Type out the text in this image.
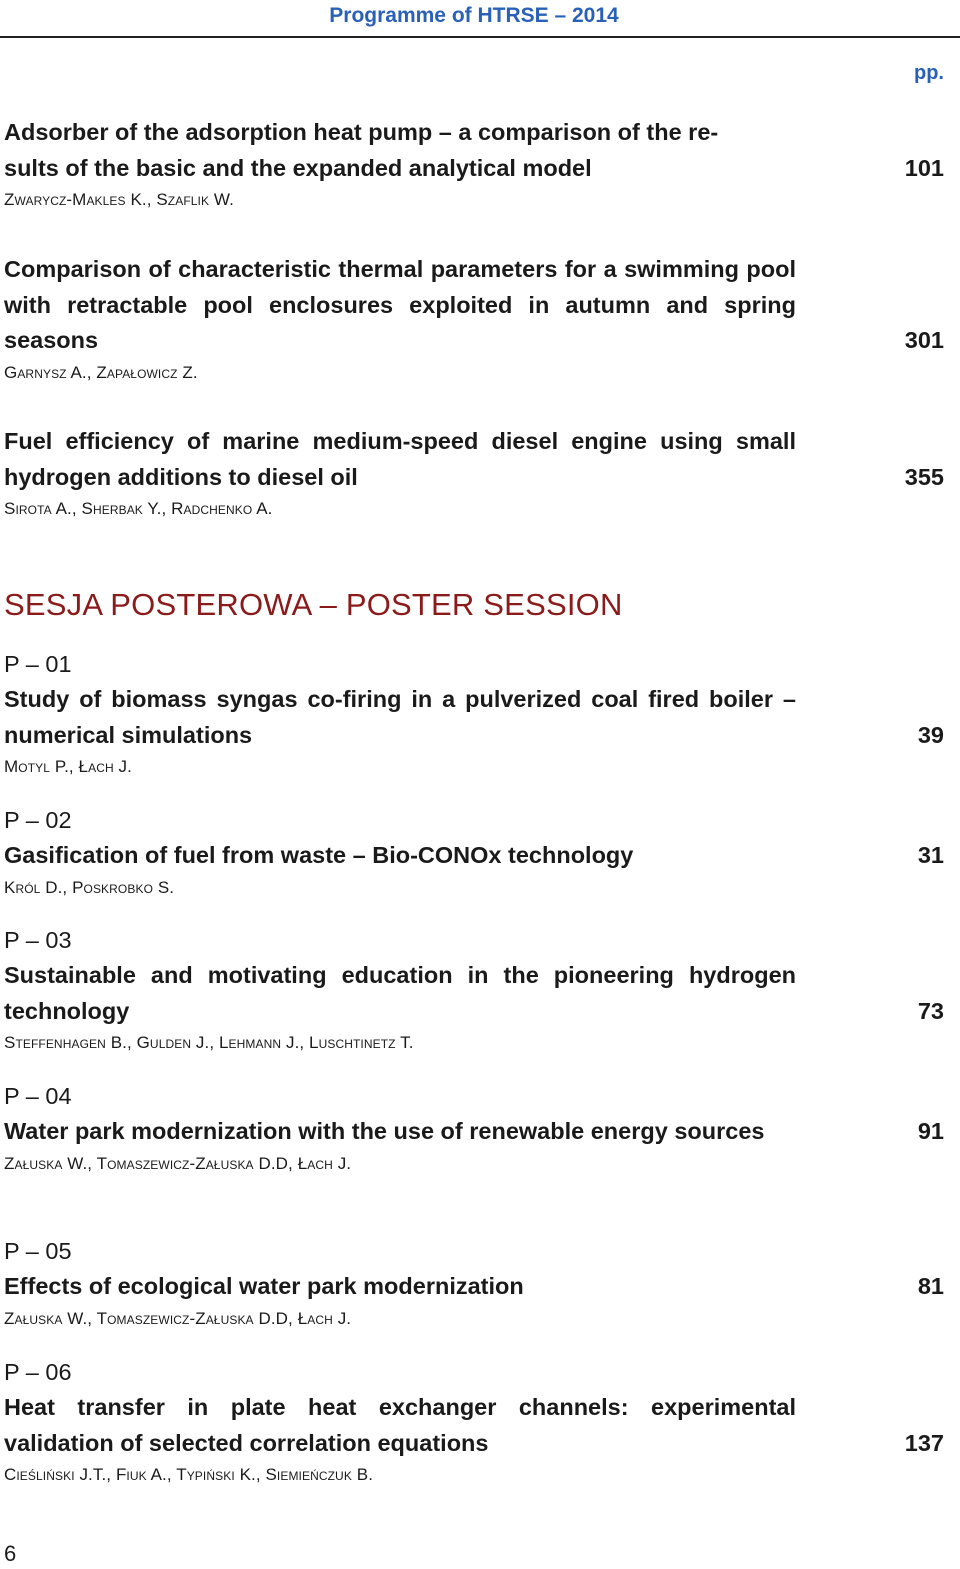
Programme of HTRSE – 2014
pp.
Adsorber of the adsorption heat pump – a comparison of the re-
sults of the basic and the expanded analytical model	101
Zwarycz-Makles K., Szaflik W.
Comparison of characteristic thermal parameters for a swimming pool with retractable pool enclosures exploited in autumn and spring seasons	301
Garnysz A., Zapałowicz Z.
Fuel efficiency of marine medium-speed diesel engine using small hydrogen additions to diesel oil	355
Sirota A., Sherbak Y., Radchenko A.
SESJA POSTEROWA – POSTER SESSION
P – 01
Study of biomass syngas co-firing in a pulverized coal fired boiler – numerical simulations	39
Motyl P., Łach J.
P – 02
Gasification of fuel from waste – Bio-CONOx technology	31
Król D., Poskrobko S.
P – 03
Sustainable and motivating education in the pioneering hydrogen technology	73
Steffenhagen B., Gulden J., Lehmann J., Luschtinetz T.
P – 04
Water park modernization with the use of renewable energy sources	91
Załuska W., Tomaszewicz-Załuska D.D, Łach J.
P – 05
Effects of ecological water park modernization	81
Załuska W., Tomaszewicz-Załuska D.D, Łach J.
P – 06
Heat transfer in plate heat exchanger channels: experimental validation of selected correlation equations	137
Cieśliński J.T., Fiuk A., Typiński K., Siemieńczuk B.
6
